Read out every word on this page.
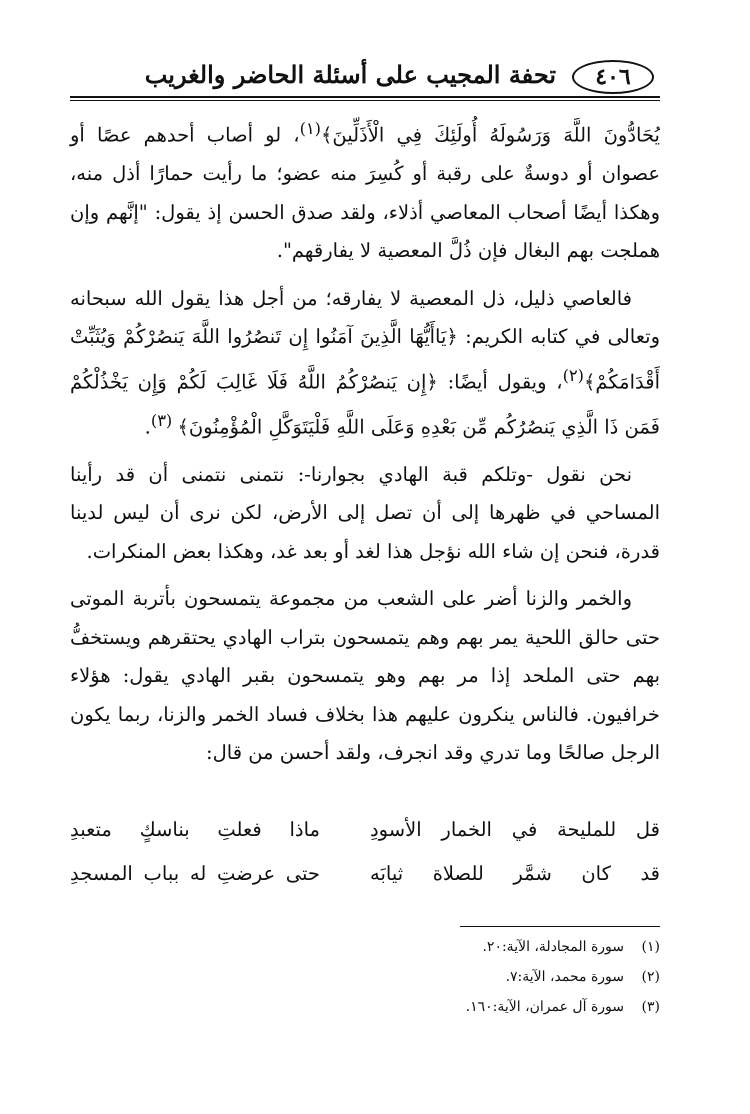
تحفة المجيب على أسئلة الحاضر والغريب	٤٠٦

يُحَادُّونَ اللَّهَ وَرَسُولَهُ أُولَئِكَ فِي الْأَذَلِّينَ﴾$^{(١)}$، لو أصاب أحدهم عصًا أو عصوان أو دوسةٌ على رقبة أو كُسِرَ منه عضو؛ ما رأيت حمارًا أذل منه، وهكذا أيضًا أصحاب المعاصي أذلاء، ولقد صدق الحسن إذ يقول: "إنَّهم وإن هملجت بهم البغال فإن ذُلَّ المعصية لا يفارقهم".

فالعاصي ذليل، ذل المعصية لا يفارقه؛ من أجل هذا يقول الله سبحانه وتعالى في كتابه الكريم: ﴿يَاأَيُّهَا الَّذِينَ آمَنُوا إِن تَنصُرُوا اللَّهَ يَنصُرْكُمْ وَيُثَبِّتْ أَقْدَامَكُمْ﴾$^{(٢)}$، ويقول أيضًا: ﴿إِن يَنصُرْكُمُ اللَّهُ فَلَا غَالِبَ لَكُمْ وَإِن يَخْذُلْكُمْ فَمَن ذَا الَّذِي يَنصُرُكُم مِّن بَعْدِهِ وَعَلَى اللَّهِ فَلْيَتَوَكَّلِ الْمُؤْمِنُونَ﴾ $^{(٣)}$.

نحن نقول -وتلكم قبة الهادي بجوارنا-: نتمنى نتمنى أن قد رأينا المساحي في ظهرها إلى أن تصل إلى الأرض، لكن نرى أن ليس لدينا قدرة، فنحن إن شاء الله نؤجل هذا لغد أو بعد غد، وهكذا بعض المنكرات.

والخمر والزنا أضر على الشعب من مجموعة يتمسحون بأتربة الموتى حتى حالق اللحية يمر بهم وهم يتمسحون بتراب الهادي يحتقرهم ويستخفُّ بهم حتى الملحد إذا مر بهم وهو يتمسحون بقبر الهادي يقول: هؤلاء خرافيون. فالناس ينكرون عليهم هذا بخلاف فساد الخمر والزنا، ربما يكون الرجل صالحًا وما تدري وقد انجرف، ولقد أحسن من قال:

قل للمليحة في الخمار الأسودِ
ماذا فعلتِ بناسكٍ متعبدِ
قد كان شمَّر للصلاة ثيابَه
حتى عرضتِ له بباب المسجدِ
(١)سورة المجادلة، الآية:٢٠.
(٢)سورة محمد، الآية:٧.
(٣)سورة آل عمران، الآية:١٦٠.
